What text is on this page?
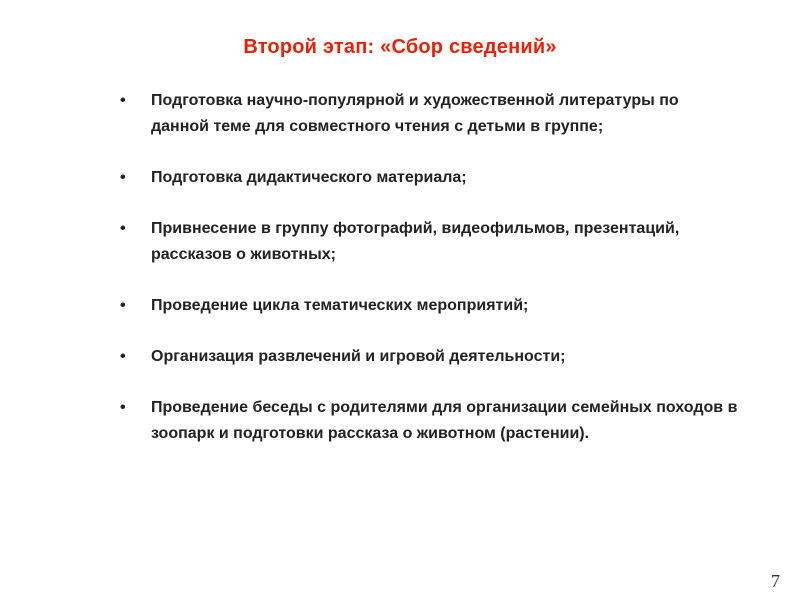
Второй этап: «Сбор сведений»
• Подготовка научно-популярной и художественной литературы по данной теме для совместного чтения с детьми в группе;
• Подготовка дидактического материала;
• Привнесение в группу фотографий, видеофильмов, презентаций, рассказов о животных;
• Проведение цикла тематических мероприятий;
• Организация развлечений и игровой деятельности;
• Проведение беседы с родителями для организации семейных походов в зоопарк и подготовки рассказа о животном (растении).
7
